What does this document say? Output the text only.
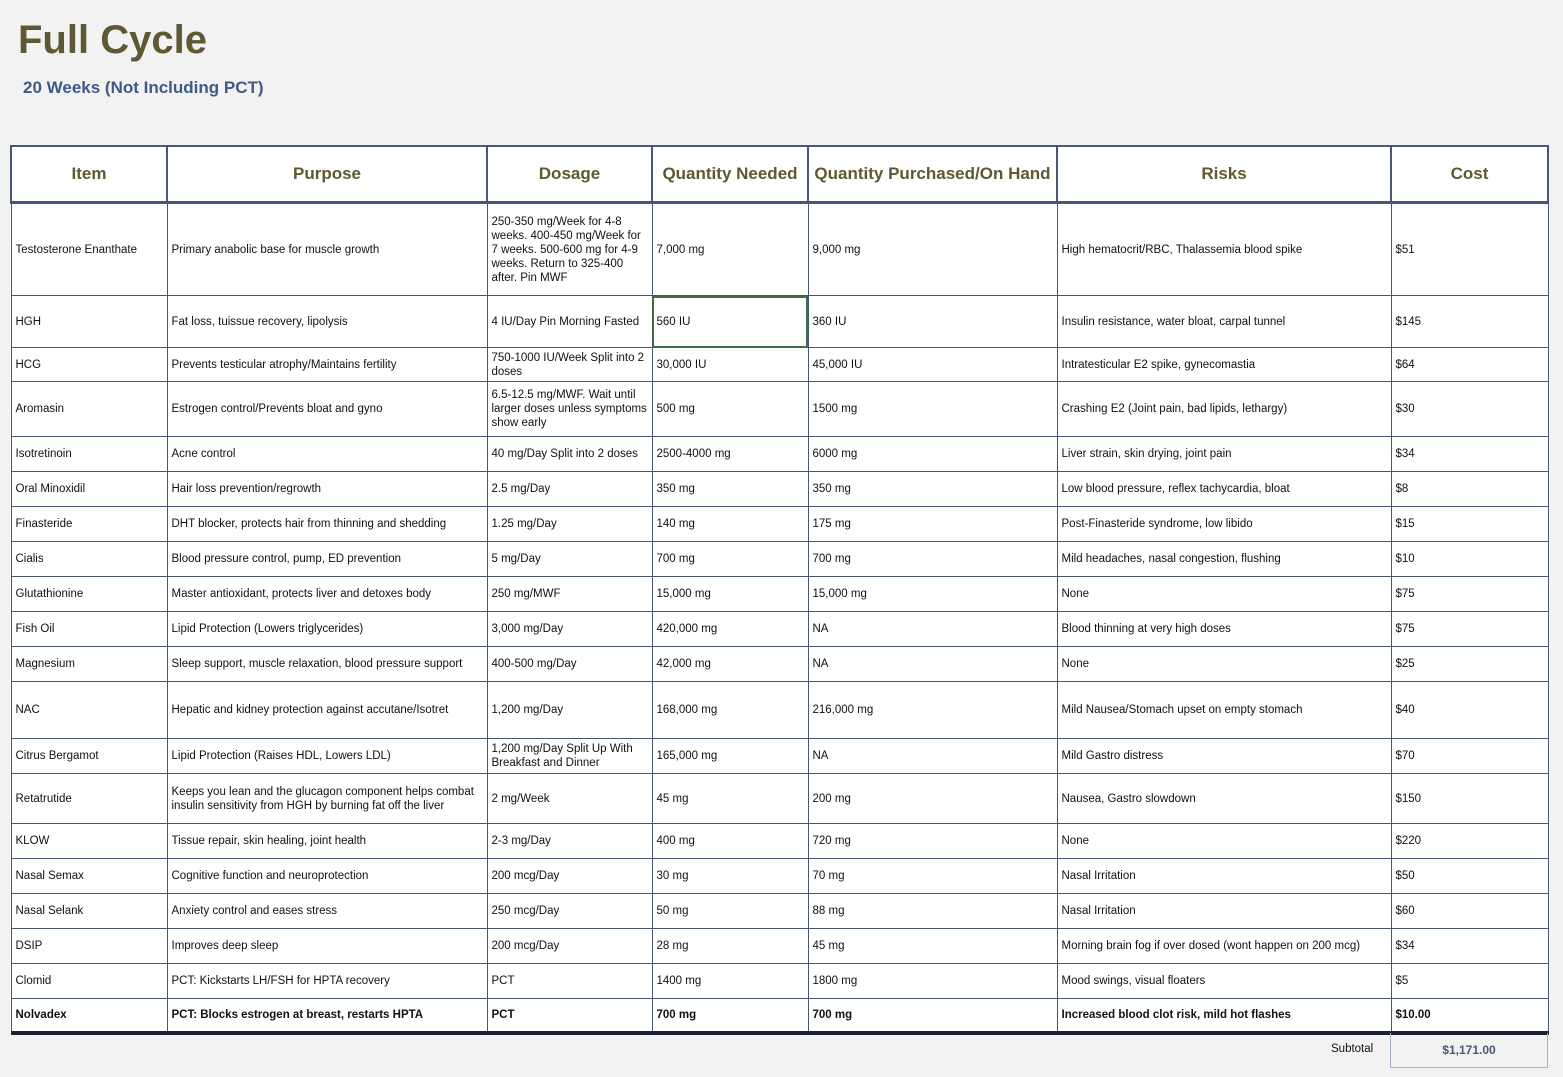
Full Cycle
20 Weeks (Not Including PCT)
Item	Purpose	Dosage	Quantity Needed	Quantity Purchased/On Hand	Risks	Cost
Testosterone Enanthate	Primary anabolic base for muscle growth	250-350 mg/Week for 4-8 weeks. 400-450 mg/Week for 7 weeks. 500-600 mg for 4-9 weeks. Return to 325-400 after. Pin MWF	7,000 mg	9,000 mg	High hematocrit/RBC, Thalassemia blood spike	$51
HGH	Fat loss, tuissue recovery, lipolysis	4 IU/Day Pin Morning Fasted	560 IU	360 IU	Insulin resistance, water bloat, carpal tunnel	$145
HCG	Prevents testicular atrophy/Maintains fertility	750-1000 IU/Week Split into 2 doses	30,000 IU	45,000 IU	Intratesticular E2 spike, gynecomastia	$64
Aromasin	Estrogen control/Prevents bloat and gyno	6.5-12.5 mg/MWF. Wait until larger doses unless symptoms show early	500 mg	1500 mg	Crashing E2 (Joint pain, bad lipids, lethargy)	$30
Isotretinoin	Acne control	40 mg/Day Split into 2 doses	2500-4000 mg	6000 mg	Liver strain, skin drying, joint pain	$34
Oral Minoxidil	Hair loss prevention/regrowth	2.5 mg/Day	350 mg	350 mg	Low blood pressure, reflex tachycardia, bloat	$8
Finasteride	DHT blocker, protects hair from thinning and shedding	1.25 mg/Day	140 mg	175 mg	Post-Finasteride syndrome, low libido	$15
Cialis	Blood pressure control, pump, ED prevention	5 mg/Day	700 mg	700 mg	Mild headaches, nasal congestion, flushing	$10
Glutathionine	Master antioxidant, protects liver and detoxes body	250 mg/MWF	15,000 mg	15,000 mg	None	$75
Fish Oil	Lipid Protection (Lowers triglycerides)	3,000 mg/Day	420,000 mg	NA	Blood thinning at very high doses	$75
Magnesium	Sleep support, muscle relaxation, blood pressure support	400-500 mg/Day	42,000 mg	NA	None	$25
NAC	Hepatic and kidney protection against accutane/Isotret	1,200 mg/Day	168,000 mg	216,000 mg	Mild Nausea/Stomach upset on empty stomach	$40
Citrus Bergamot	Lipid Protection (Raises HDL, Lowers LDL)	1,200 mg/Day Split Up With Breakfast and Dinner	165,000 mg	NA	Mild Gastro distress	$70
Retatrutide	Keeps you lean and the glucagon component helps combat insulin sensitivity from HGH by burning fat off the liver	2 mg/Week	45 mg	200 mg	Nausea, Gastro slowdown	$150
KLOW	Tissue repair, skin healing, joint health	2-3 mg/Day	400 mg	720 mg	None	$220
Nasal Semax	Cognitive function and neuroprotection	200 mcg/Day	30 mg	70 mg	Nasal Irritation	$50
Nasal Selank	Anxiety control and eases stress	250 mcg/Day	50 mg	88 mg	Nasal Irritation	$60
DSIP	Improves deep sleep	200 mcg/Day	28 mg	45 mg	Morning brain fog if over dosed (wont happen on 200 mcg)	$34
Clomid	PCT: Kickstarts LH/FSH for HPTA recovery	PCT	1400 mg	1800 mg	Mood swings, visual floaters	$5
Nolvadex	PCT: Blocks estrogen at breast, restarts HPTA	PCT	700 mg	700 mg	Increased blood clot risk, mild hot flashes	$10.00
Subtotal	$1,171.00
